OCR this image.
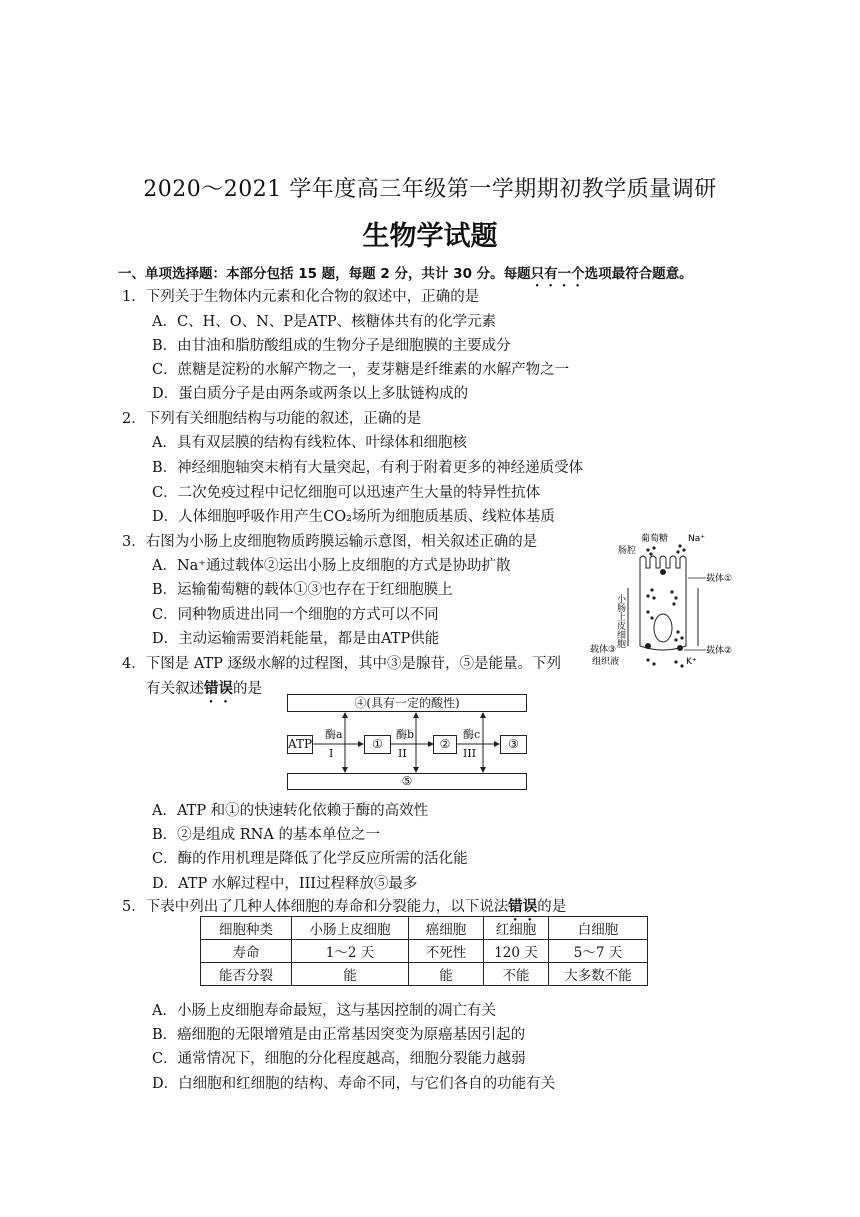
2020～2021 学年度高三年级第一学期期初教学质量调研
生物学试题
一、单项选择题：本部分包括 15 题，每题 2 分，共计 30 分。每题只有一个选项最符合题意。
1．下列关于生物体内元素和化合物的叙述中，正确的是
A．C、H、O、N、P是ATP、核糖体共有的化学元素
B．由甘油和脂肪酸组成的生物分子是细胞膜的主要成分
C．蔗糖是淀粉的水解产物之一，麦芽糖是纤维素的水解产物之一
D．蛋白质分子是由两条或两条以上多肽链构成的
2．下列有关细胞结构与功能的叙述，正确的是
A．具有双层膜的结构有线粒体、叶绿体和细胞核
B．神经细胞轴突末梢有大量突起，有利于附着更多的神经递质受体
C．二次免疫过程中记忆细胞可以迅速产生大量的特异性抗体
D．人体细胞呼吸作用产生CO₂场所为细胞质基质、线粒体基质
3．右图为小肠上皮细胞物质跨膜运输示意图，相关叙述正确的是
A．Na⁺通过载体②运出小肠上皮细胞的方式是协助扩散
B．运输葡萄糖的载体①③也存在于红细胞膜上
C．同种物质进出同一个细胞的方式可以不同
D．主动运输需要消耗能量，都是由ATP供能
葡萄糖
肠腔
Na⁺
小肠上皮细胞
载体①
载体②
载体③
组织液	K⁺
4．下图是 ATP 逐级水解的过程图，其中③是腺苷，⑤是能量。下列
有关叙述错误的是
④(具有一定的酸性)
⑤
ATP	①	②	③
酶a
I
酶b
II
酶c
III
A．ATP 和①的快速转化依赖于酶的高效性
B．②是组成 RNA 的基本单位之一
C．酶的作用机理是降低了化学反应所需的活化能
D．ATP 水解过程中，III过程释放⑤最多
5．下表中列出了几种人体细胞的寿命和分裂能力，以下说法错误的是
细胞种类	小肠上皮细胞	癌细胞	红细胞	白细胞
寿命	1～2 天	不死性	120 天	5～7 天
能否分裂	能	能	不能	大多数不能
A．小肠上皮细胞寿命最短，这与基因控制的凋亡有关
B．癌细胞的无限增殖是由正常基因突变为原癌基因引起的
C．通常情况下，细胞的分化程度越高，细胞分裂能力越弱
D．白细胞和红细胞的结构、寿命不同，与它们各自的功能有关
